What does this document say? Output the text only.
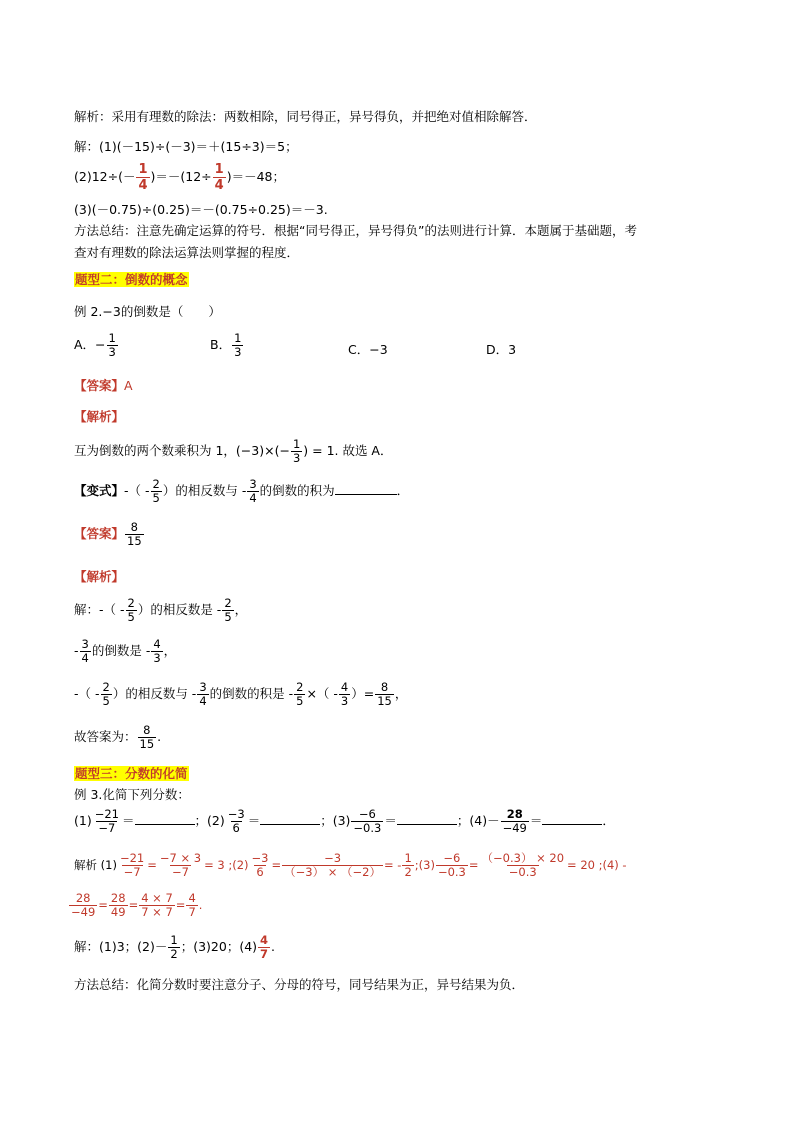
解析：采用有理数的除法：两数相除，同号得正，异号得负，并把绝对值相除解答．
解：(1)(－15)÷(－3)＝＋(15÷3)＝5；
$(2)12\div(- \frac{1}{4} )=-(12\div \frac{1}{4} )=-48$；
(3)(－0.75)÷(0.25)＝－(0.75÷0.25)＝－3.
方法总结：注意先确定运算的符号．根据“同号得正，异号得负”的法则进行计算．本题属于基础题，考
查对有理数的除法运算法则掌握的程度．
题型二：倒数的概念
例 2.−3的倒数是（　　）
A．− $\frac{1}{3}$	B． $\frac{1}{3}$	C．−3	D．3
【答案】A
【解析】
互为倒数的两个数乘积为 1，$(-3)\times(- \frac{1}{3}$ ) = 1. 故选 A．
【变式】-（ - $\frac{2}{5}$ ）的相反数与 - $\frac{3}{4}$ 的倒数的积为	．
【答案】 $\frac{8}{15}$
【解析】
解：-（ - $\frac{2}{5}$ ）的相反数是 - $\frac{2}{5}$ ，
- $\frac{3}{4}$ 的倒数是 - $\frac{4}{3}$ ，
-（ - $\frac{2}{5}$ ）的相反数与 - $\frac{3}{4}$ 的倒数的积是 - $\frac{2}{5}$ ×（ - $\frac{4}{3}$ ）= $\frac{8}{15}$ ，
故答案为： $\frac{8}{15}$ .
题型三：分数的化简
例 3.化简下列分数：
$(1) \frac{-21}{-7}$ ＝	；$(2) \frac{-3}{6}$ ＝	；$(3) \frac{-6}{-0.3}$ ＝	；$(4)- \frac{28}{-49}$ ＝	．
解析 $(1) \frac{-21}{-7} = \frac{-7 \times 3}{-7} = 3$ ;(2) $\frac{-3}{6} = \frac{-3}{(-3) \times (-2)}$ = - $\frac{1}{2}$ ;(3) $\frac{-6}{-0.3} = \frac{(-0.3) \times 20}{-0.3} = 20$ ;(4) -
$\frac{28}{-49} = \frac{28}{49} = \frac{4 \times 7}{7 \times 7} = \frac{4}{7}$ .
解：(1)3；$(2)- \frac{1}{2}$ ；(3)20；$(4) \frac{4}{7}$ .
方法总结：化简分数时要注意分子、分母的符号，同号结果为正，异号结果为负．
